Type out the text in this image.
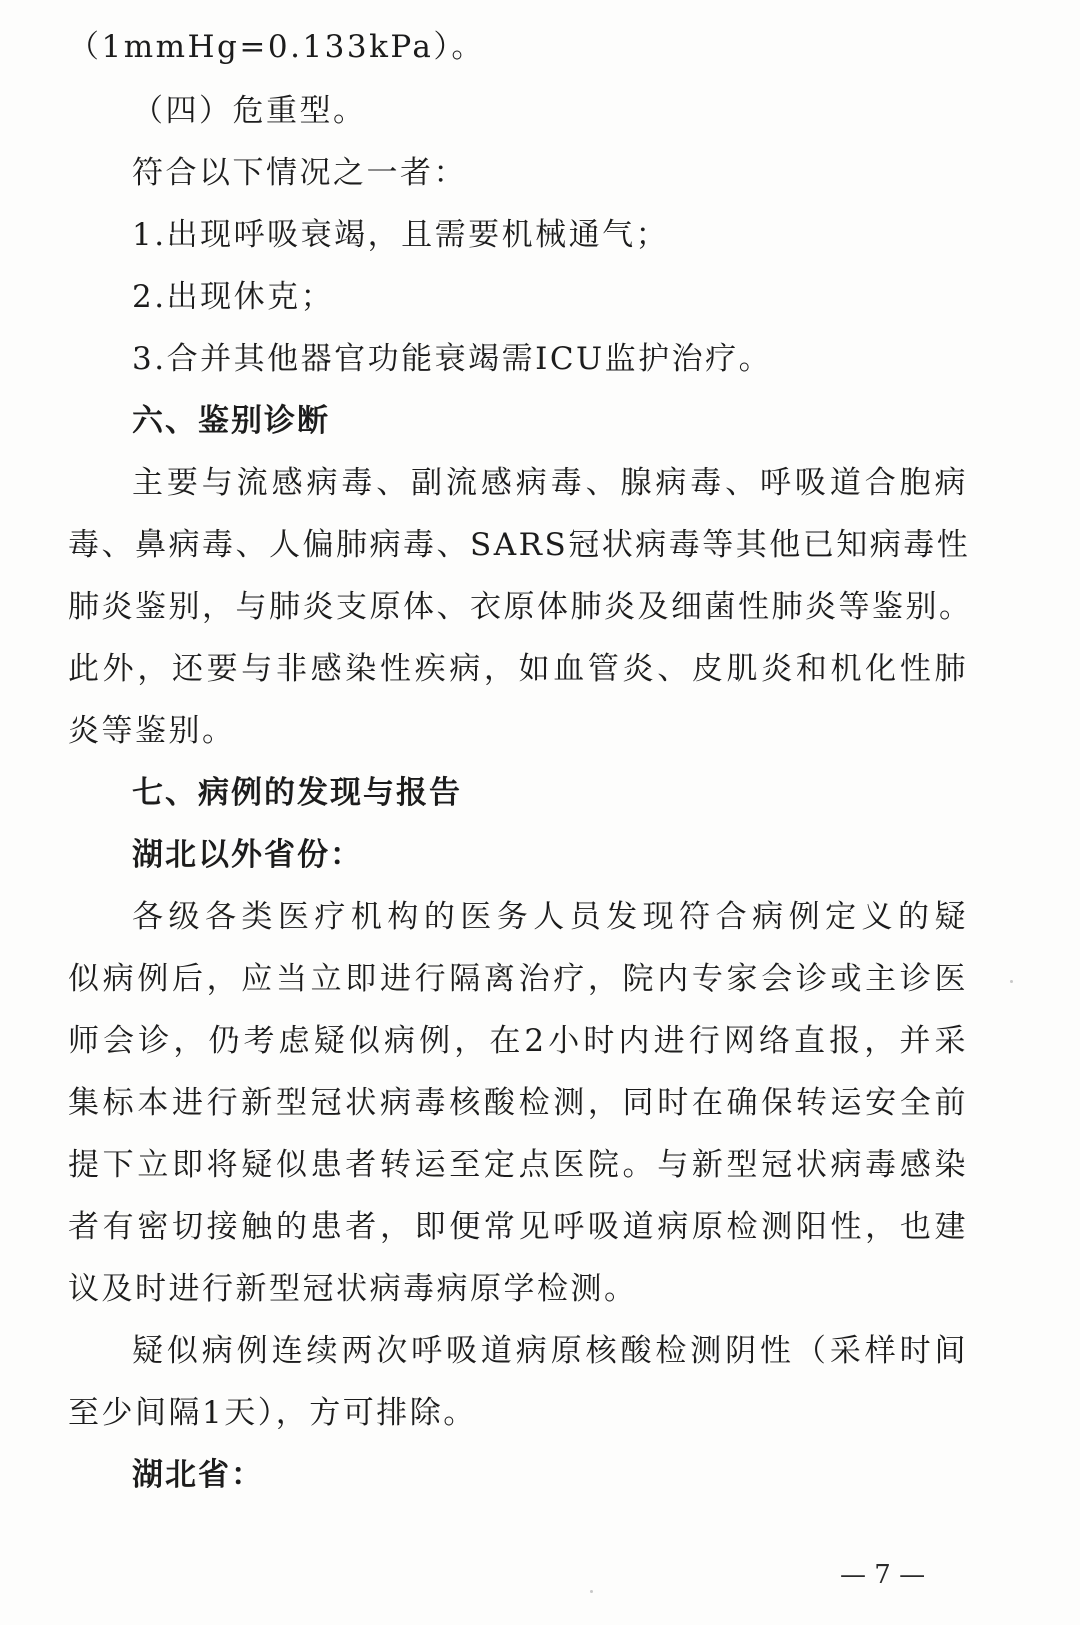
（1mmHg=0.133kPa）。
（四）危重型。
符合以下情况之一者：
1.出现呼吸衰竭，且需要机械通气；
2.出现休克；
3.合并其他器官功能衰竭需ICU监护治疗。
六、鉴别诊断
主要与流感病毒、副流感病毒、腺病毒、呼吸道合胞病
毒、鼻病毒、人偏肺病毒、SARS冠状病毒等其他已知病毒性
肺炎鉴别，与肺炎支原体、衣原体肺炎及细菌性肺炎等鉴别。
此外，还要与非感染性疾病，如血管炎、皮肌炎和机化性肺
炎等鉴别。
七、病例的发现与报告
湖北以外省份：
各级各类医疗机构的医务人员发现符合病例定义的疑
似病例后，应当立即进行隔离治疗，院内专家会诊或主诊医
师会诊，仍考虑疑似病例，在2小时内进行网络直报，并采
集标本进行新型冠状病毒核酸检测，同时在确保转运安全前
提下立即将疑似患者转运至定点医院。与新型冠状病毒感染
者有密切接触的患者，即便常见呼吸道病原检测阳性，也建
议及时进行新型冠状病毒病原学检测。
疑似病例连续两次呼吸道病原核酸检测阴性（采样时间
至少间隔1天），方可排除。
湖北省：
— 7 —
